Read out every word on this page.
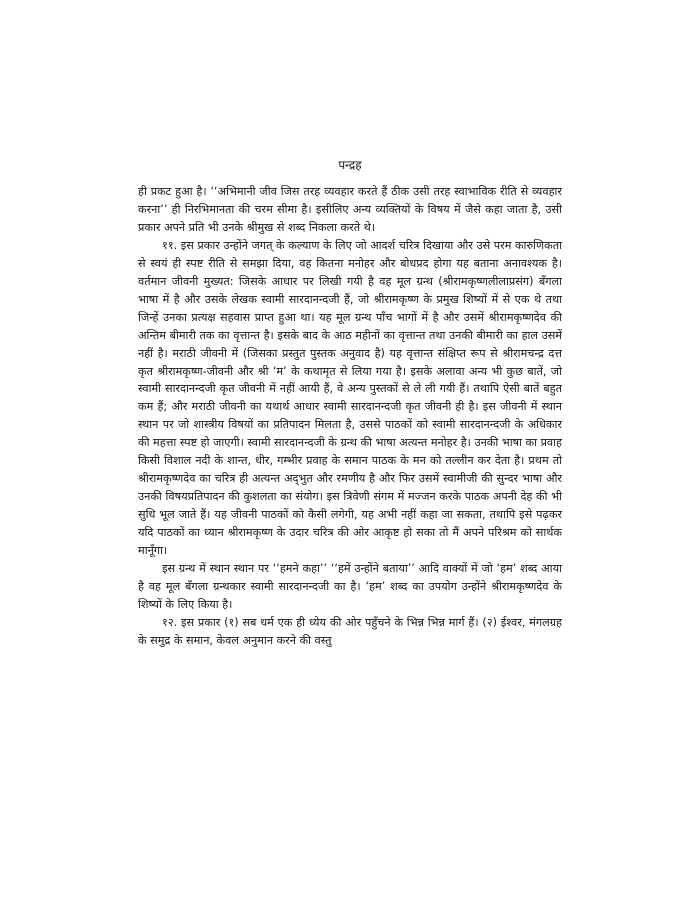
पन्द्रह

ही प्रकट हुआ है। ‘‘अभिमानी जीव जिस तरह व्यवहार करते हैं ठीक उसी तरह स्वाभाविक रीति से व्यवहार करना’’ ही निरभिमानता की चरम सीमा है। इसीलिए अन्य व्यक्तियों के विषय में जैसे कहा जाता है, उसी प्रकार अपने प्रति भी उनके श्रीमुख से शब्द निकला करते थे।

११. इस प्रकार उन्होंने जगत् के कल्याण के लिए जो आदर्श चरित्र दिखाया और उसे परम कारुणिकता से स्वयं ही स्पष्ट रीति से समझा दिया, वह कितना मनोहर और बोधप्रद होगा यह बताना अनावश्यक है। वर्तमान जीवनी मुख्यत: जिसके आधार पर लिखी गयी है वह मूल ग्रन्थ (श्रीरामकृष्णलीलाप्रसंग) बँगला भाषा में है और उसके लेखक स्वामी सारदानन्दजी हैं, जो श्रीरामकृष्ण के प्रमुख शिष्यों में से एक थे तथा जिन्हें उनका प्रत्यक्ष सहवास प्राप्त हुआ था। यह मूल ग्रन्थ पाँच भागों में है और उसमें श्रीरामकृष्णदेव की अन्तिम बीमारी तक का वृत्तान्त है। इसके बाद के आठ महीनों का वृत्तान्त तथा उनकी बीमारी का हाल उसमें नहीं है। मराठी जीवनी में (जिसका प्रस्तुत पुस्तक अनुवाद है) यह वृत्तान्त संक्षिप्त रूप से श्रीरामचन्द्र दत्त कृत श्रीरामकृष्ण-जीवनी और श्री ‘म’ के कथामृत से लिया गया है। इसके अलावा अन्य भी कुछ बातें, जो स्वामी सारदानन्दजी कृत जीवनी में नहीं आयी हैं, वे अन्य पुस्तकों से ले ली गयी हैं। तथापि ऐसी बातें बहुत कम हैं; और मराठी जीवनी का यथार्थ आधार स्वामी सारदानन्दजी कृत जीवनी ही है। इस जीवनी में स्थान स्थान पर जो शास्त्रीय विषयों का प्रतिपादन मिलता है, उससे पाठकों को स्वामी सारदानन्दजी के अधिकार की महत्ता स्पष्ट हो जाएगी। स्वामी सारदानन्दजी के ग्रन्थ की भाषा अत्यन्त मनोहर है। उनकी भाषा का प्रवाह किसी विशाल नदी के शान्त, धीर, गम्भीर प्रवाह के समान पाठक के मन को तल्लीन कर देता है। प्रथम तो श्रीरामकृष्णदेव का चरित्र ही अत्यन्त अद्‌भुत और रमणीय है और फिर उसमें स्वामीजी की सुन्दर भाषा और उनकी विषयप्रतिपादन की कुशलता का संयोग। इस त्रिवेणी संगम में मज्जन करके पाठक अपनी देह की भी सुधि भूल जाते हैं। यह जीवनी पाठकों को कैसी लगेगी, यह अभी नहीं कहा जा सकता, तथापि इसे पढ़कर यदि पाठकों का ध्यान श्रीरामकृष्ण के उदार चरित्र की ओर आकृष्ट हो सका तो मैं अपने परिश्रम को सार्थक मानूँगा।

इस ग्रन्थ में स्थान स्थान पर ‘‘हमने कहा’’ ‘‘हमें उन्होंने बताया’’ आदि वाक्यों में जो ‘हम’ शब्द आया है वह मूल बँगला ग्रन्थकार स्वामी सारदानन्दजी का है। ‘हम’ शब्द का उपयोग उन्होंने श्रीरामकृष्णदेव के शिष्यों के लिए किया है।

१२. इस प्रकार (१) सब धर्म एक ही ध्येय की ओर पहुँचने के भिन्न भिन्न मार्ग हैं। (२) ईश्वर, मंगलग्रह के समुद्र के समान, केवल अनुमान करने की वस्तु
